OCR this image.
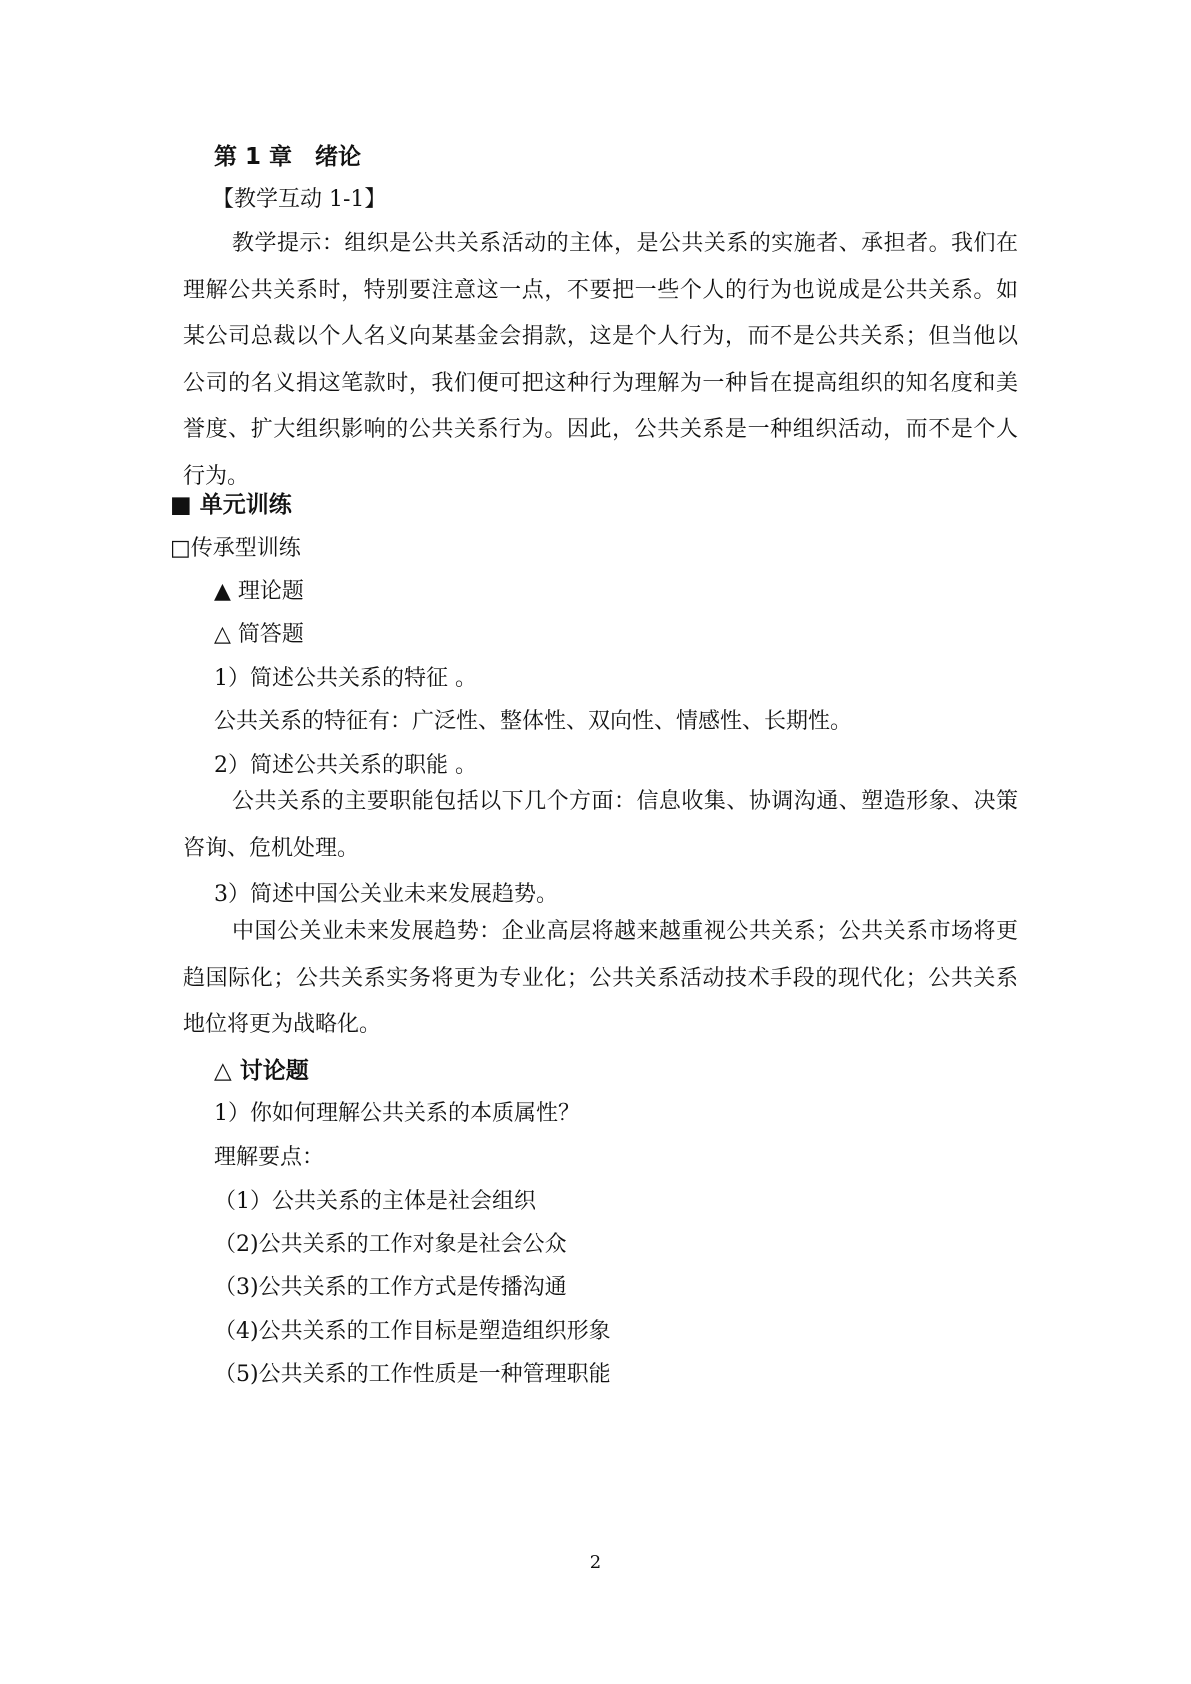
第 1 章　绪论

【教学互动 1-1】

教学提示：组织是公共关系活动的主体，是公共关系的实施者、承担者。我们在理解公共关系时，特别要注意这一点，不要把一些个人的行为也说成是公共关系。如某公司总裁以个人名义向某基金会捐款，这是个人行为，而不是公共关系；但当他以公司的名义捐这笔款时，我们便可把这种行为理解为一种旨在提高组织的知名度和美誉度、扩大组织影响的公共关系行为。因此，公共关系是一种组织活动，而不是个人行为。

■ 单元训练

□传承型训练

▲ 理论题

△ 简答题

1）简述公共关系的特征 。

公共关系的特征有：广泛性、整体性、双向性、情感性、长期性。

2）简述公共关系的职能 。

公共关系的主要职能包括以下几个方面：信息收集、协调沟通、塑造形象、决策咨询、危机处理。

3）简述中国公关业未来发展趋势。

中国公关业未来发展趋势：企业高层将越来越重视公共关系；公共关系市场将更趋国际化；公共关系实务将更为专业化；公共关系活动技术手段的现代化；公共关系地位将更为战略化。

△ 讨论题

1）你如何理解公共关系的本质属性？

理解要点：

（1）公共关系的主体是社会组织

（2)公共关系的工作对象是社会公众

（3)公共关系的工作方式是传播沟通

（4)公共关系的工作目标是塑造组织形象

（5)公共关系的工作性质是一种管理职能

2
